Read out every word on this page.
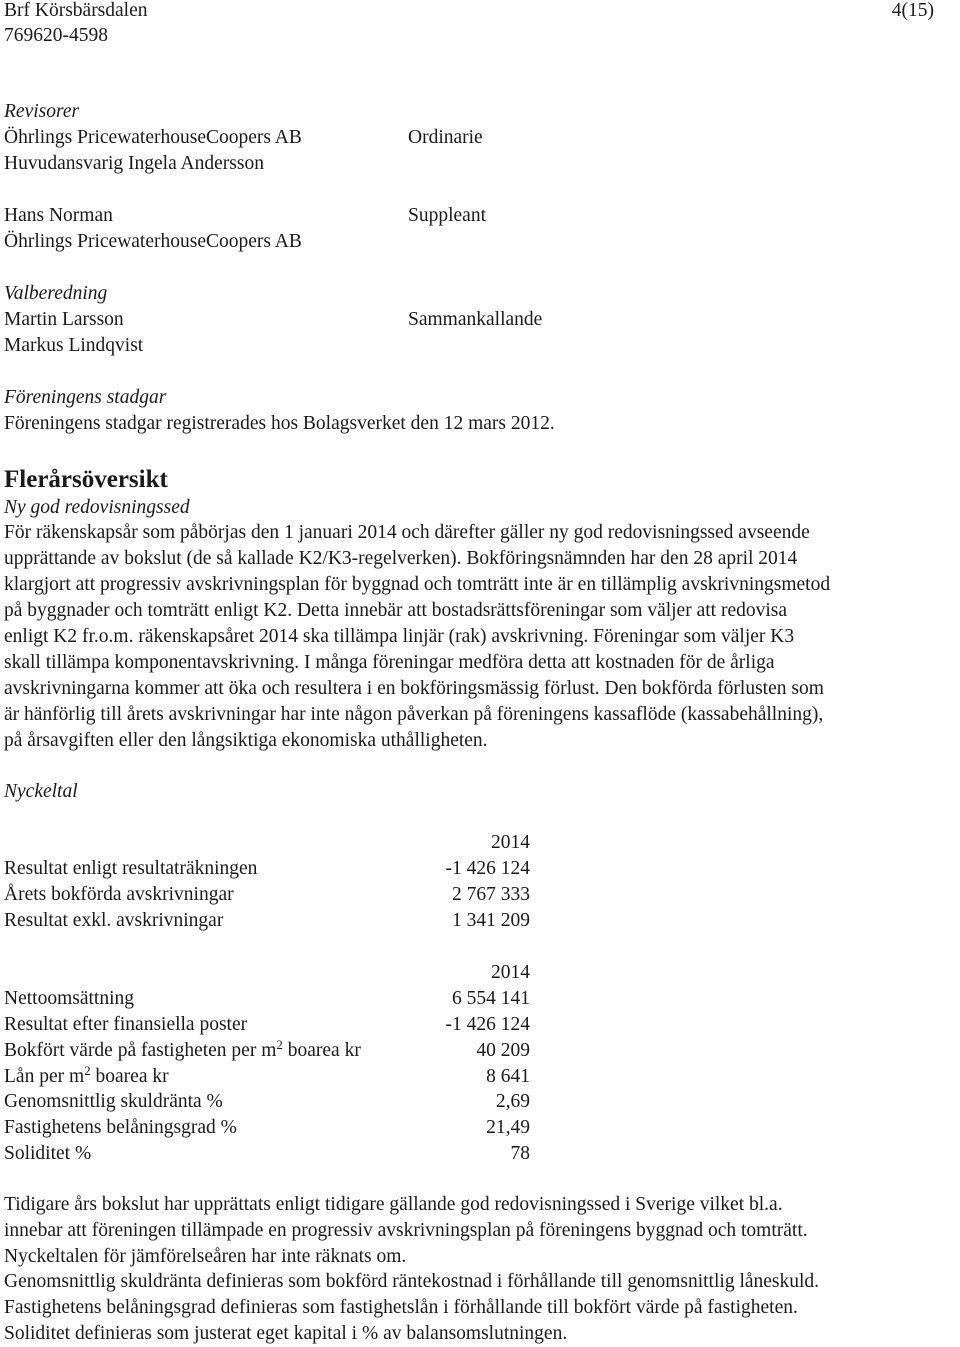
Brf Körsbärsdalen
769620-4598
4(15)
Revisorer
Öhrlings PricewaterhouseCoopers AB
Huvudansvarig Ingela Andersson
Ordinarie
Hans Norman
Öhrlings PricewaterhouseCoopers AB
Suppleant
Valberedning
Martin Larsson
Markus Lindqvist
Sammankallande
Föreningens stadgar
Föreningens stadgar registrerades hos Bolagsverket den 12 mars 2012.
Flerårsöversikt
Ny god redovisningssed
För räkenskapsår som påbörjas den 1 januari 2014 och därefter gäller ny god redovisningssed avseende
upprättande av bokslut (de så kallade K2/K3-regelverken). Bokföringsnämnden har den 28 april 2014
klargjort att progressiv avskrivningsplan för byggnad och tomträtt inte är en tillämplig avskrivningsmetod
på byggnader och tomträtt enligt K2. Detta innebär att bostadsrättsföreningar som väljer att redovisa
enligt K2 fr.o.m. räkenskapsåret 2014 ska tillämpa linjär (rak) avskrivning. Föreningar som väljer K3
skall tillämpa komponentavskrivning. I många föreningar medföra detta att kostnaden för de årliga
avskrivningarna kommer att öka och resultera i en bokföringsmässig förlust. Den bokförda förlusten som
är hänförlig till årets avskrivningar har inte någon påverkan på föreningens kassaflöde (kassabehållning),
på årsavgiften eller den långsiktiga ekonomiska uthålligheten.
Nyckeltal
2014
Resultat enligt resultaträkningen	-1 426 124
Årets bokförda avskrivningar	2 767 333
Resultat exkl. avskrivningar	1 341 209
2014
Nettoomsättning	6 554 141
Resultat efter finansiella poster	-1 426 124
Bokfört värde på fastigheten per $m^2$ boarea kr	40 209
Lån per $m^2$ boarea kr	8 641
Genomsnittlig skuldränta %	2,69
Fastighetens belåningsgrad %	21,49
Soliditet %	78
Tidigare års bokslut har upprättats enligt tidigare gällande god redovisningssed i Sverige vilket bl.a.
innebar att föreningen tillämpade en progressiv avskrivningsplan på föreningens byggnad och tomträtt.
Nyckeltalen för jämförelseåren har inte räknats om.
Genomsnittlig skuldränta definieras som bokförd räntekostnad i förhållande till genomsnittlig låneskuld.
Fastighetens belåningsgrad definieras som fastighetslån i förhållande till bokfört värde på fastigheten.
Soliditet definieras som justerat eget kapital i % av balansomslutningen.
